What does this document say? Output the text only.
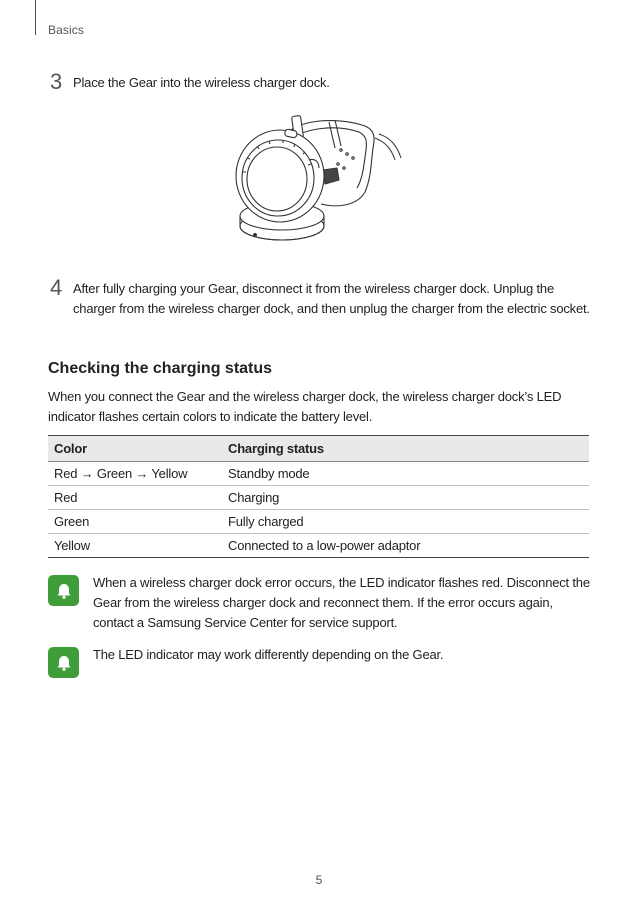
Basics
3 Place the Gear into the wireless charger dock.

4 After fully charging your Gear, disconnect it from the wireless charger dock. Unplug the charger from the wireless charger dock, and then unplug the charger from the electric socket.

Checking the charging status

When you connect the Gear and the wireless charger dock, the wireless charger dock’s LED indicator flashes certain colors to indicate the battery level.

Color	Charging status
Red → Green → Yellow	Standby mode
Red	Charging
Green	Fully charged
Yellow	Connected to a low-power adaptor

When a wireless charger dock error occurs, the LED indicator flashes red. Disconnect the Gear from the wireless charger dock and reconnect them. If the error occurs again, contact a Samsung Service Center for service support.

The LED indicator may work differently depending on the Gear.

5
